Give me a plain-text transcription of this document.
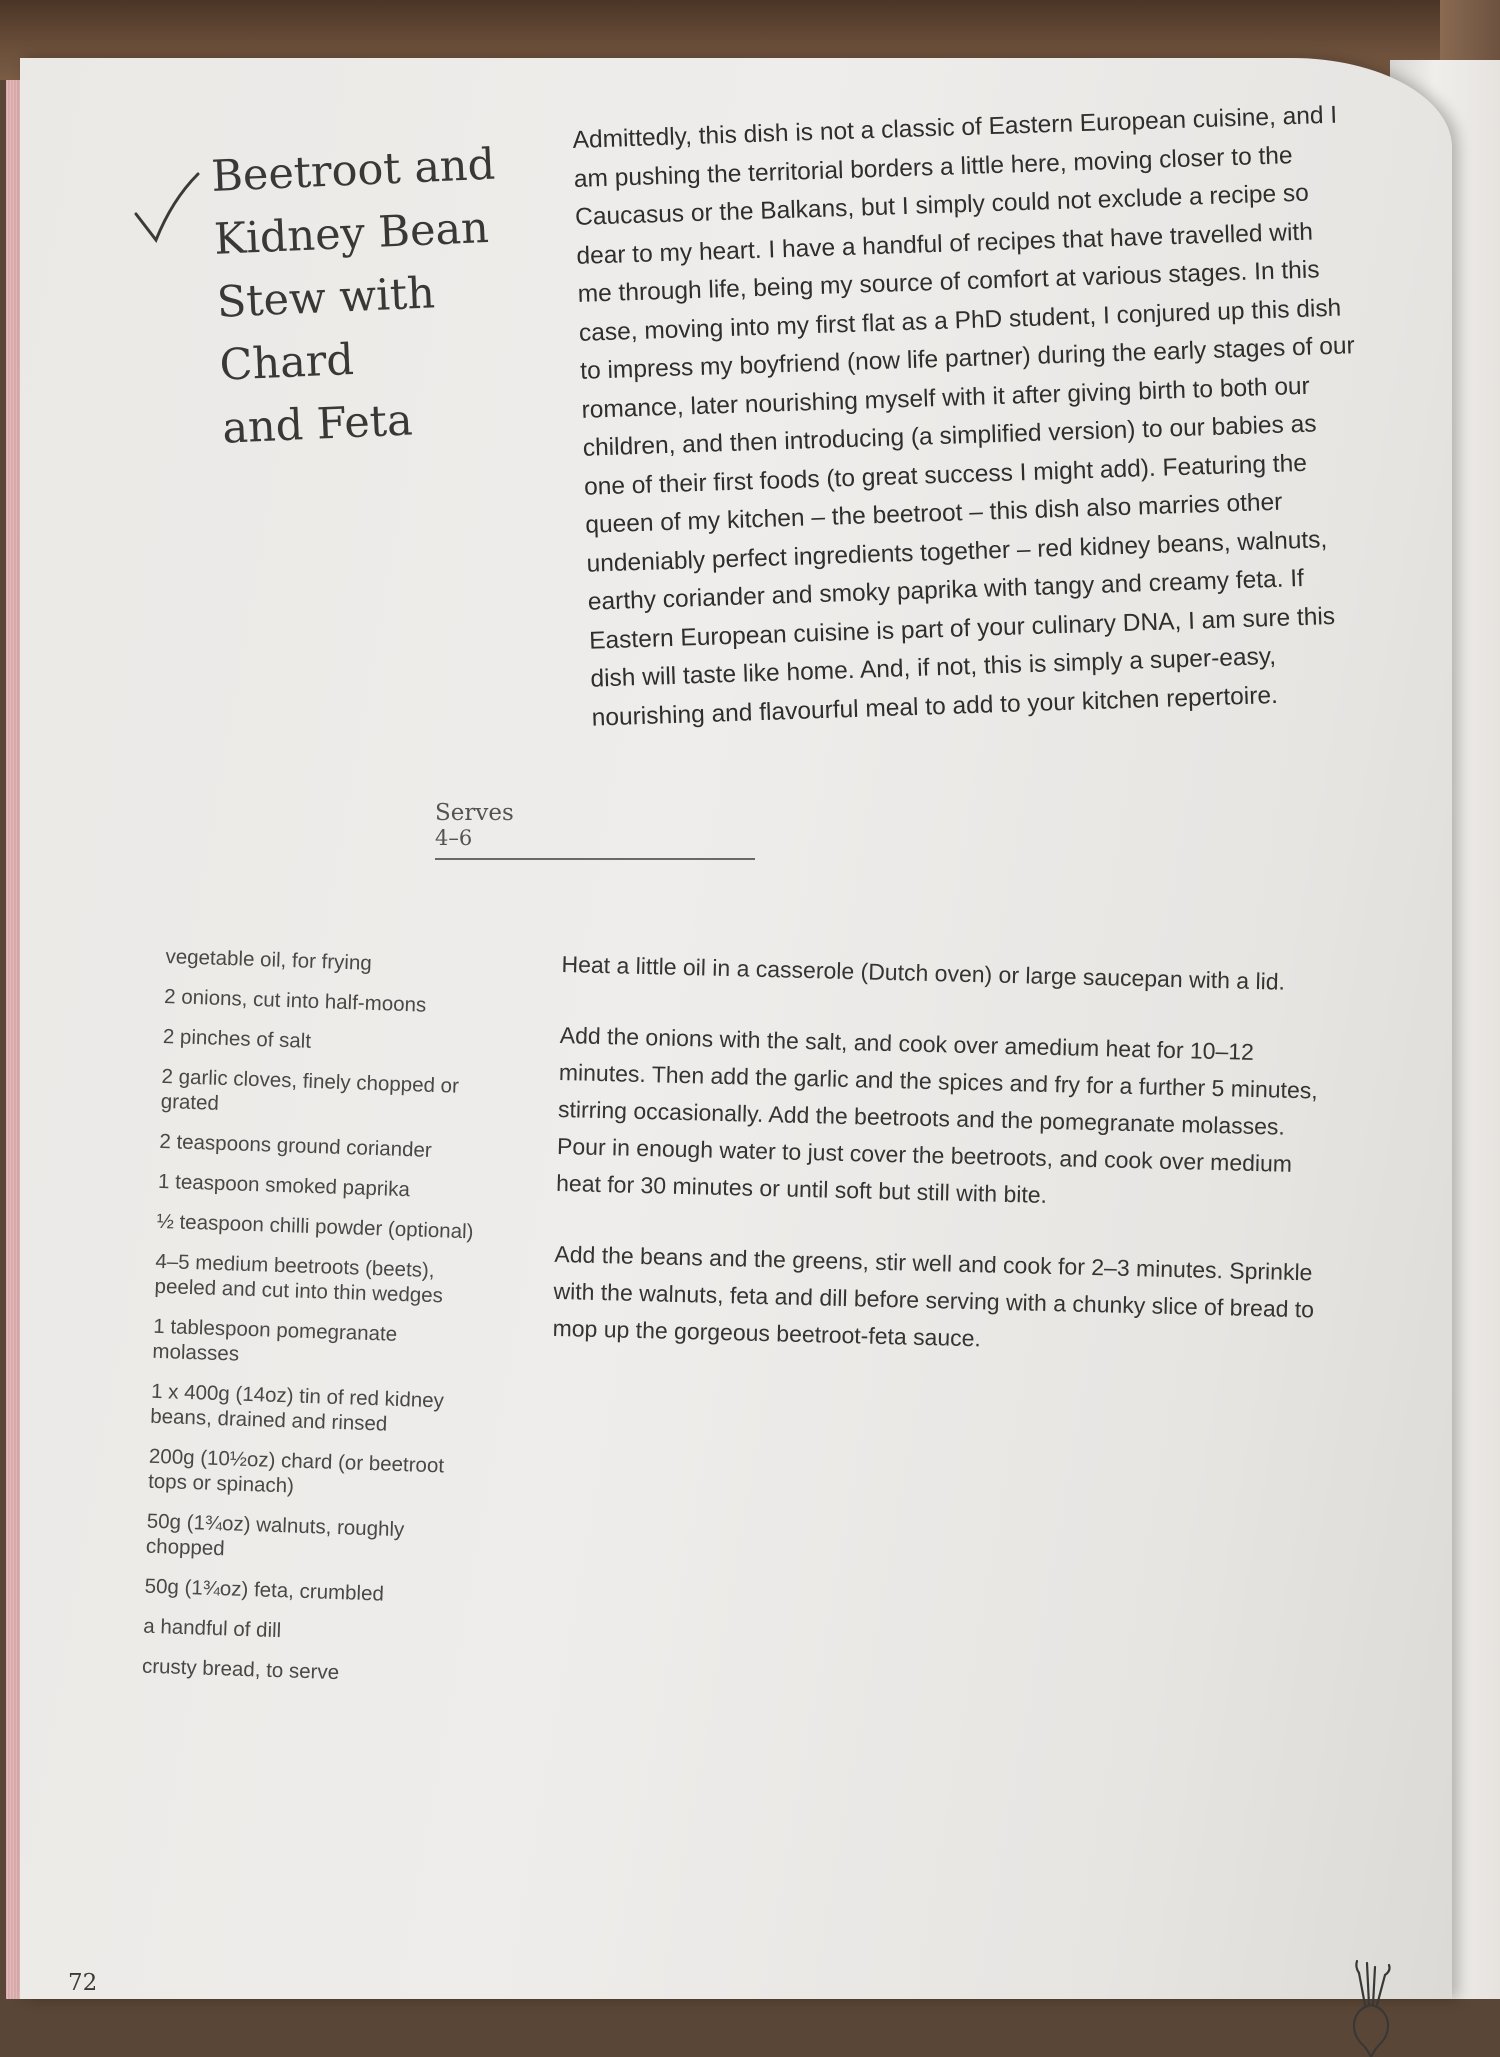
Beetroot and
Kidney Bean
Stew with
Chard
and Feta

Admittedly, this dish is not a classic of Eastern European cuisine, and I am pushing the territorial borders a little here, moving closer to the Caucasus or the Balkans, but I simply could not exclude a recipe so dear to my heart. I have a handful of recipes that have travelled with me through life, being my source of comfort at various stages. In this case, moving into my first flat as a PhD student, I conjured up this dish to impress my boyfriend (now life partner) during the early stages of our romance, later nourishing myself with it after giving birth to both our children, and then introducing (a simplified version) to our babies as one of their first foods (to great success I might add). Featuring the queen of my kitchen – the beetroot – this dish also marries other undeniably perfect ingredients together – red kidney beans, walnuts, earthy coriander and smoky paprika with tangy and creamy feta. If Eastern European cuisine is part of your culinary DNA, I am sure this dish will taste like home. And, if not, this is simply a super-easy, nourishing and flavourful meal to add to your kitchen repertoire.

Serves
4–6
vegetable oil, for frying
2 onions, cut into half-moons
2 pinches of salt
2 garlic cloves, finely chopped or grated
2 teaspoons ground coriander
1 teaspoon smoked paprika
½ teaspoon chilli powder (optional)
4–5 medium beetroots (beets), peeled and cut into thin wedges
1 tablespoon pomegranate molasses
1 x 400g (14oz) tin of red kidney beans, drained and rinsed
200g (10½oz) chard (or beetroot tops or spinach)
50g (1¾oz) walnuts, roughly chopped
50g (1¾oz) feta, crumbled
a handful of dill
crusty bread, to serve

Heat a little oil in a casserole (Dutch oven) or large saucepan with a lid.

Add the onions with the salt, and cook over amedium heat for 10–12 minutes. Then add the garlic and the spices and fry for a further 5 minutes, stirring occasionally. Add the beetroots and the pomegranate molasses. Pour in enough water to just cover the beetroots, and cook over medium heat for 30 minutes or until soft but still with bite.

Add the beans and the greens, stir well and cook for 2–3 minutes. Sprinkle with the walnuts, feta and dill before serving with a chunky slice of bread to mop up the gorgeous beetroot-feta sauce.

72
